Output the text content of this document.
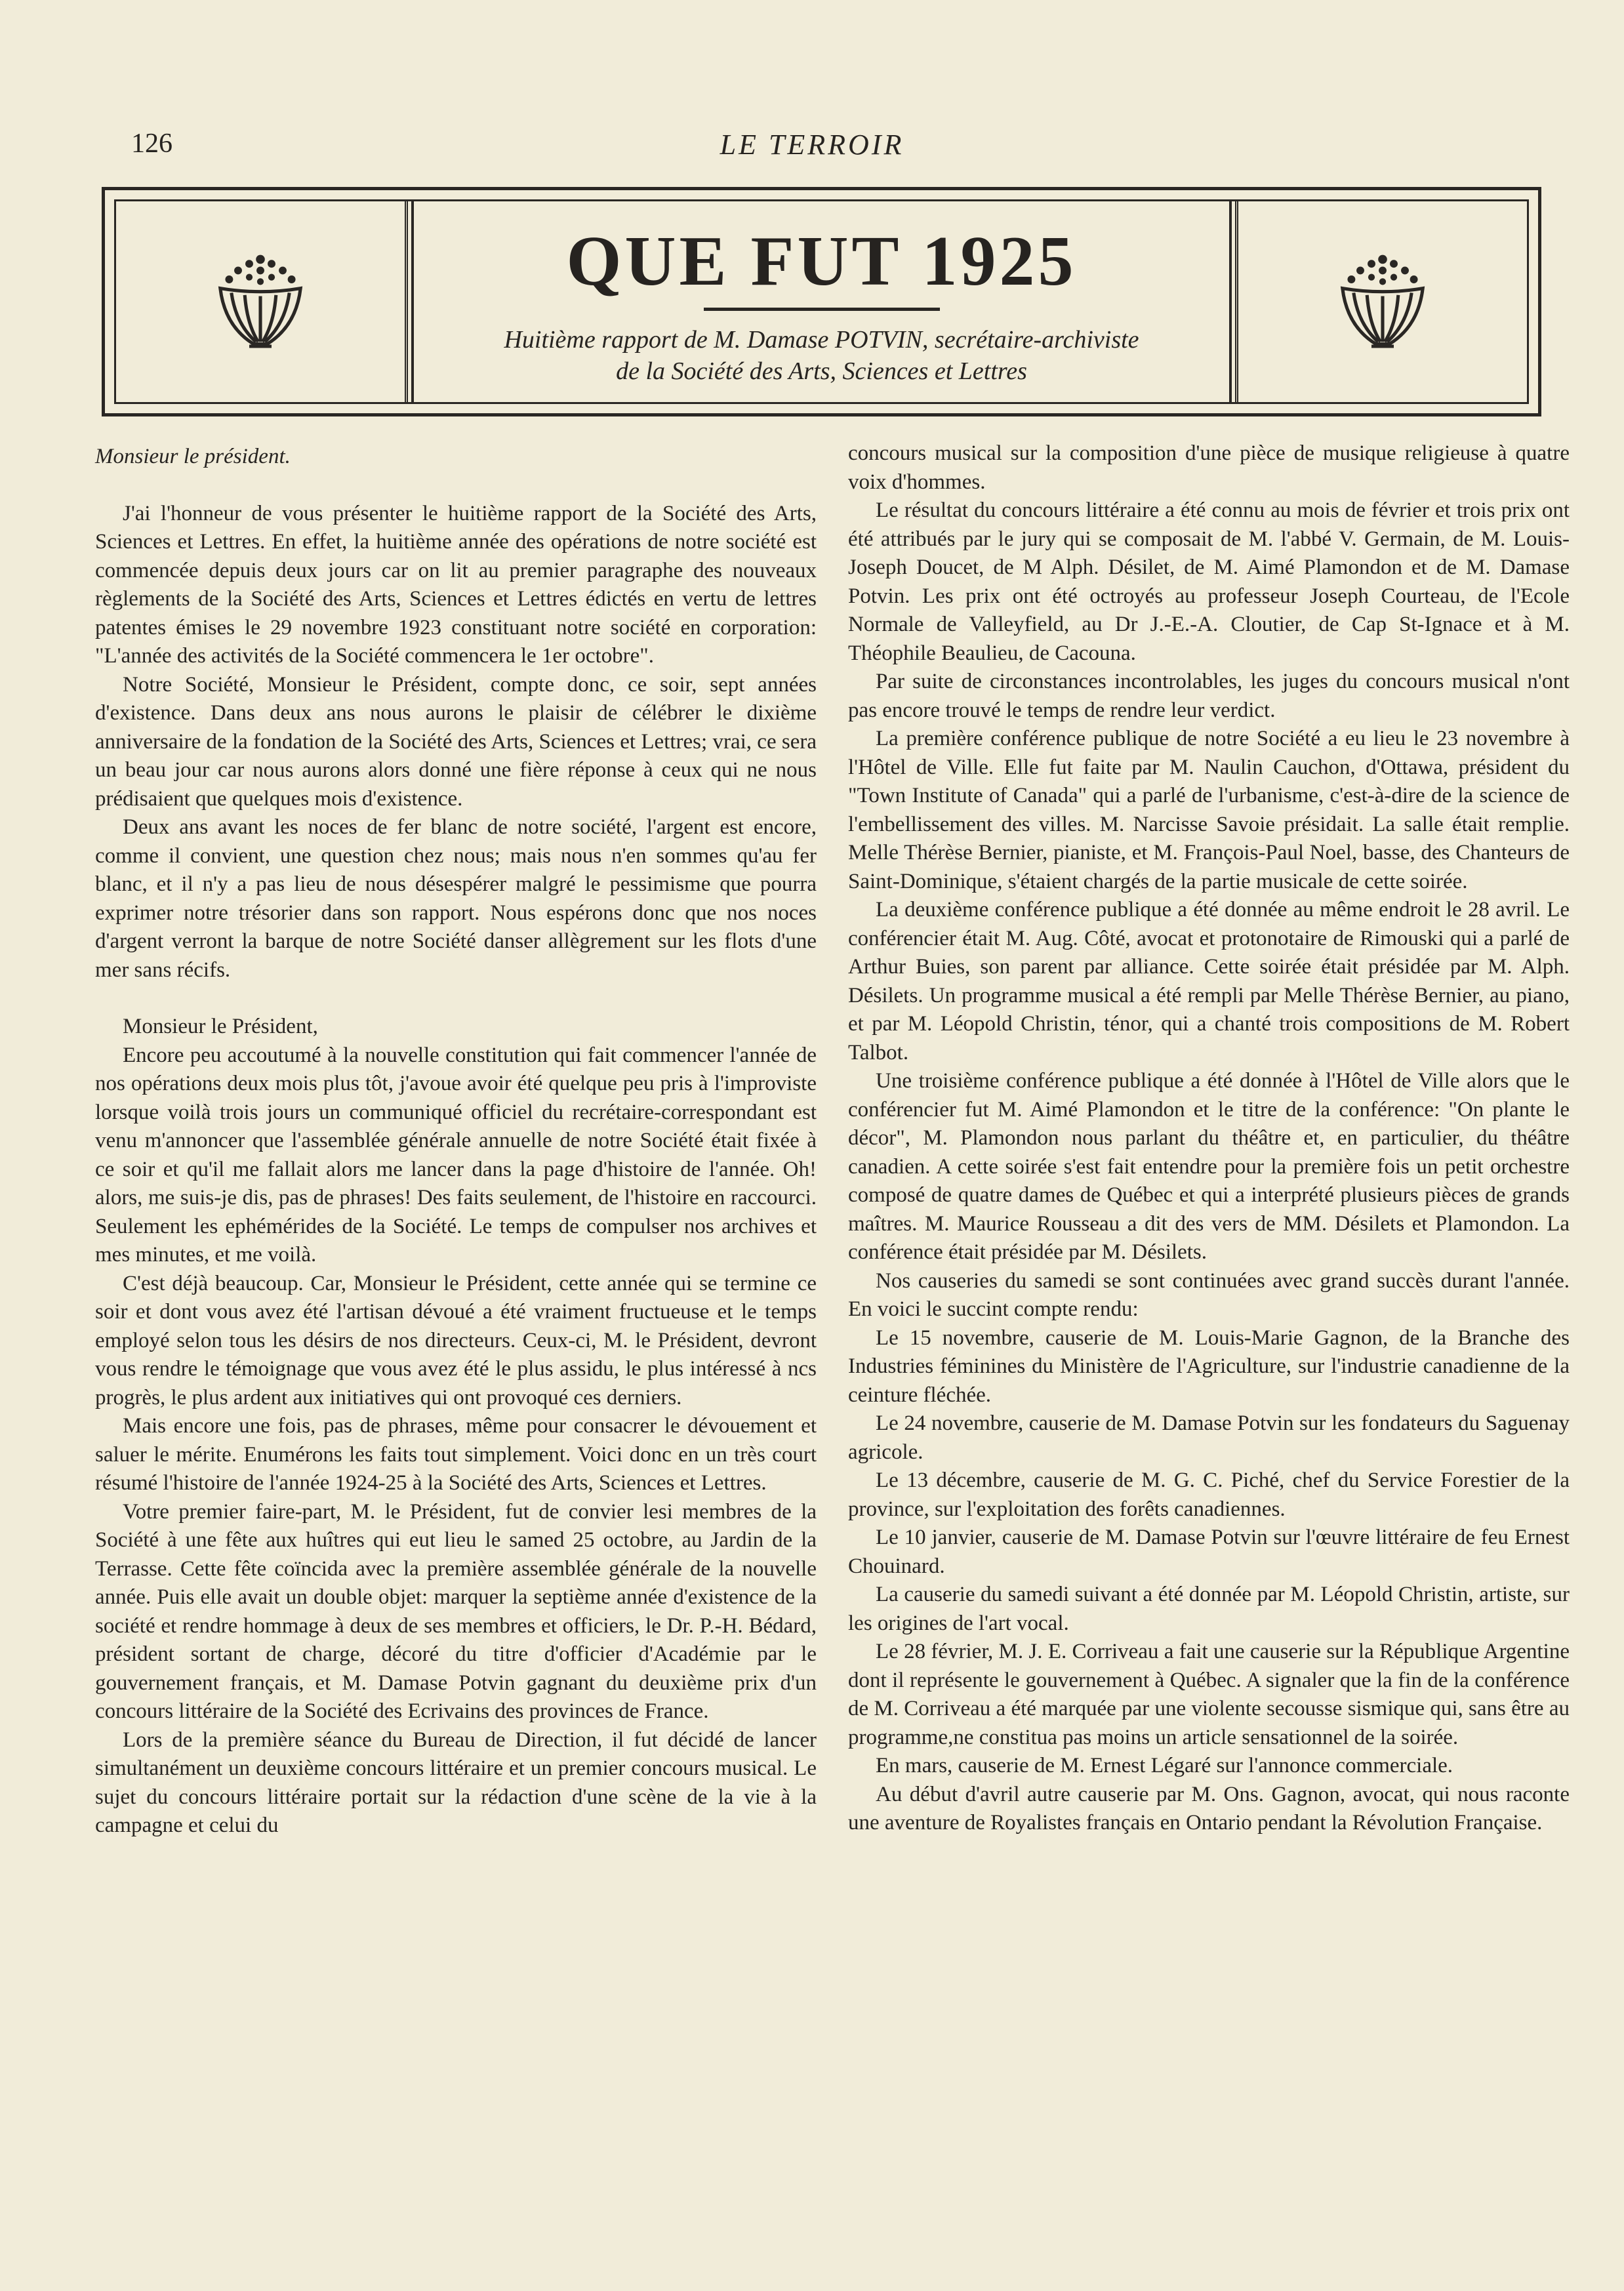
126	LE TERROIR
QUE FUT 1925
Huitième rapport de M. Damase POTVIN, secrétaire-archiviste
de la Société des Arts, Sciences et Lettres

Monsieur le président.

J'ai l'honneur de vous présenter le huitième rapport de la Société des Arts, Sciences et Lettres. En effet, la huitième année des opérations de notre société est commencée depuis deux jours car on lit au premier paragraphe des nouveaux règlements de la Société des Arts, Sciences et Lettres édictés en vertu de lettres patentes émises le 29 novembre 1923 constituant notre société en corporation: "L'année des activités de la Société commencera le 1er octobre".

Notre Société, Monsieur le Président, compte donc, ce soir, sept années d'existence. Dans deux ans nous aurons le plaisir de célébrer le dixième anniversaire de la fondation de la Société des Arts, Sciences et Lettres; vrai, ce sera un beau jour car nous aurons alors donné une fière réponse à ceux qui ne nous prédisaient que quelques mois d'existence.

Deux ans avant les noces de fer blanc de notre société, l'argent est encore, comme il convient, une question chez nous; mais nous n'en sommes qu'au fer blanc, et il n'y a pas lieu de nous désespérer malgré le pessimisme que pourra exprimer notre trésorier dans son rapport. Nous espérons donc que nos noces d'argent verront la barque de notre Société danser allègrement sur les flots d'une mer sans récifs.

Monsieur le Président,

Encore peu accoutumé à la nouvelle constitution qui fait commencer l'année de nos opérations deux mois plus tôt, j'avoue avoir été quelque peu pris à l'improviste lorsque voilà trois jours un communiqué officiel du recrétaire-correspondant est venu m'annoncer que l'assemblée générale annuelle de notre Société était fixée à ce soir et qu'il me fallait alors me lancer dans la page d'histoire de l'année. Oh! alors, me suis-je dis, pas de phrases! Des faits seulement, de l'histoire en raccourci. Seulement les ephémérides de la Société. Le temps de compulser nos archives et mes minutes, et me voilà.

C'est déjà beaucoup. Car, Monsieur le Président, cette année qui se termine ce soir et dont vous avez été l'artisan dévoué a été vraiment fructueuse et le temps employé selon tous les désirs de nos directeurs. Ceux-ci, M. le Président, devront vous rendre le témoignage que vous avez été le plus assidu, le plus intéressé à ncs progrès, le plus ardent aux initiatives qui ont provoqué ces derniers.

Mais encore une fois, pas de phrases, même pour consacrer le dévouement et saluer le mérite. Enumérons les faits tout simplement. Voici donc en un très court résumé l'histoire de l'année 1924-25 à la Société des Arts, Sciences et Lettres.

Votre premier faire-part, M. le Président, fut de convier lesi membres de la Société à une fête aux huîtres qui eut lieu le samed 25 octobre, au Jardin de la Terrasse. Cette fête coïncida avec la première assemblée générale de la nouvelle année. Puis elle avait un double objet: marquer la septième année d'existence de la société et rendre hommage à deux de ses membres et officiers, le Dr. P.-H. Bédard, président sortant de charge, décoré du titre d'officier d'Académie par le gouvernement français, et M. Damase Potvin gagnant du deuxième prix d'un concours littéraire de la Société des Ecrivains des provinces de France.

Lors de la première séance du Bureau de Direction, il fut décidé de lancer simultanément un deuxième concours littéraire et un premier concours musical. Le sujet du concours littéraire portait sur la rédaction d'une scène de la vie à la campagne et celui du

concours musical sur la composition d'une pièce de musique religieuse à quatre voix d'hommes.

Le résultat du concours littéraire a été connu au mois de février et trois prix ont été attribués par le jury qui se composait de M. l'abbé V. Germain, de M. Louis-Joseph Doucet, de M Alph. Désilet, de M. Aimé Plamondon et de M. Damase Potvin. Les prix ont été octroyés au professeur Joseph Courteau, de l'Ecole Normale de Valleyfield, au Dr J.-E.-A. Cloutier, de Cap St-Ignace et à M. Théophile Beaulieu, de Cacouna.

Par suite de circonstances incontrolables, les juges du concours musical n'ont pas encore trouvé le temps de rendre leur verdict.

La première conférence publique de notre Société a eu lieu le 23 novembre à l'Hôtel de Ville. Elle fut faite par M. Naulin Cauchon, d'Ottawa, président du "Town Institute of Canada" qui a parlé de l'urbanisme, c'est-à-dire de la science de l'embellissement des villes. M. Narcisse Savoie présidait. La salle était remplie. Melle Thérèse Bernier, pianiste, et M. François-Paul Noel, basse, des Chanteurs de Saint-Dominique, s'étaient chargés de la partie musicale de cette soirée.

La deuxième conférence publique a été donnée au même endroit le 28 avril. Le conférencier était M. Aug. Côté, avocat et protonotaire de Rimouski qui a parlé de Arthur Buies, son parent par alliance. Cette soirée était présidée par M. Alph. Désilets. Un programme musical a été rempli par Melle Thérèse Bernier, au piano, et par M. Léopold Christin, ténor, qui a chanté trois compositions de M. Robert Talbot.

Une troisième conférence publique a été donnée à l'Hôtel de Ville alors que le conférencier fut M. Aimé Plamondon et le titre de la conférence: "On plante le décor", M. Plamondon nous parlant du théâtre et, en particulier, du théâtre canadien. A cette soirée s'est fait entendre pour la première fois un petit orchestre composé de quatre dames de Québec et qui a interprété plusieurs pièces de grands maîtres. M. Maurice Rousseau a dit des vers de MM. Désilets et Plamondon. La conférence était présidée par M. Désilets.

Nos causeries du samedi se sont continuées avec grand succès durant l'année. En voici le succint compte rendu:

Le 15 novembre, causerie de M. Louis-Marie Gagnon, de la Branche des Industries féminines du Ministère de l'Agriculture, sur l'industrie canadienne de la ceinture fléchée.

Le 24 novembre, causerie de M. Damase Potvin sur les fondateurs du Saguenay agricole.

Le 13 décembre, causerie de M. G. C. Piché, chef du Service Forestier de la province, sur l'exploitation des forêts canadiennes.

Le 10 janvier, causerie de M. Damase Potvin sur l'œuvre littéraire de feu Ernest Chouinard.

La causerie du samedi suivant a été donnée par M. Léopold Christin, artiste, sur les origines de l'art vocal.

Le 28 février, M. J. E. Corriveau a fait une causerie sur la République Argentine dont il représente le gouvernement à Québec. A signaler que la fin de la conférence de M. Corriveau a été marquée par une violente secousse sismique qui, sans être au programme,ne constitua pas moins un article sensationnel de la soirée.

En mars, causerie de M. Ernest Légaré sur l'annonce commerciale.

Au début d'avril autre causerie par M. Ons. Gagnon, avocat, qui nous raconte une aventure de Royalistes français en Ontario pendant la Révolution Française.
